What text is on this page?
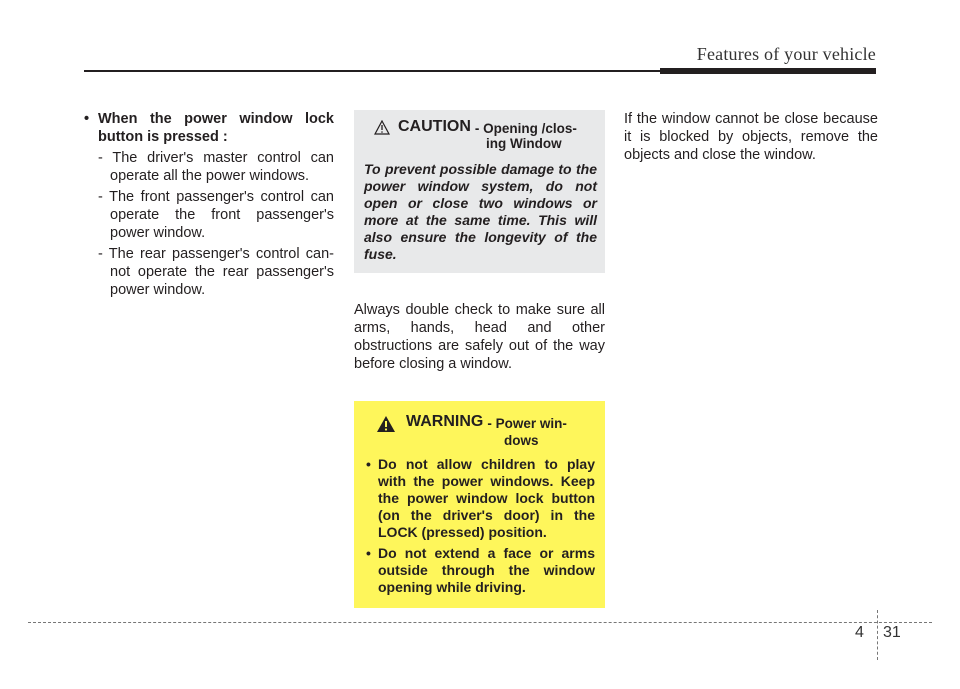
Features of your vehicle
• When the power window lock button is pressed :
- The driver's master control can operate all the power windows.
- The front passenger's control can operate the front passenger's power window.
- The rear passenger's control can- not operate the rear passenger's power window.
CAUTION - Opening /clos-
ing Window
To prevent possible damage to the power window system, do not open or close two windows or more at the same time. This will also ensure the longevity of the fuse.
Always double check to make sure all arms, hands, head and other obstructions are safely out of the way before closing a window.
WARNING - Power win-
dows
• Do not allow children to play with the power windows. Keep the power window lock button (on the driver's door) in the LOCK (pressed) position.
• Do not extend a face or arms outside through the window opening while driving.
If the window cannot be close because it is blocked by objects, remove the objects and close the window.
4 31
